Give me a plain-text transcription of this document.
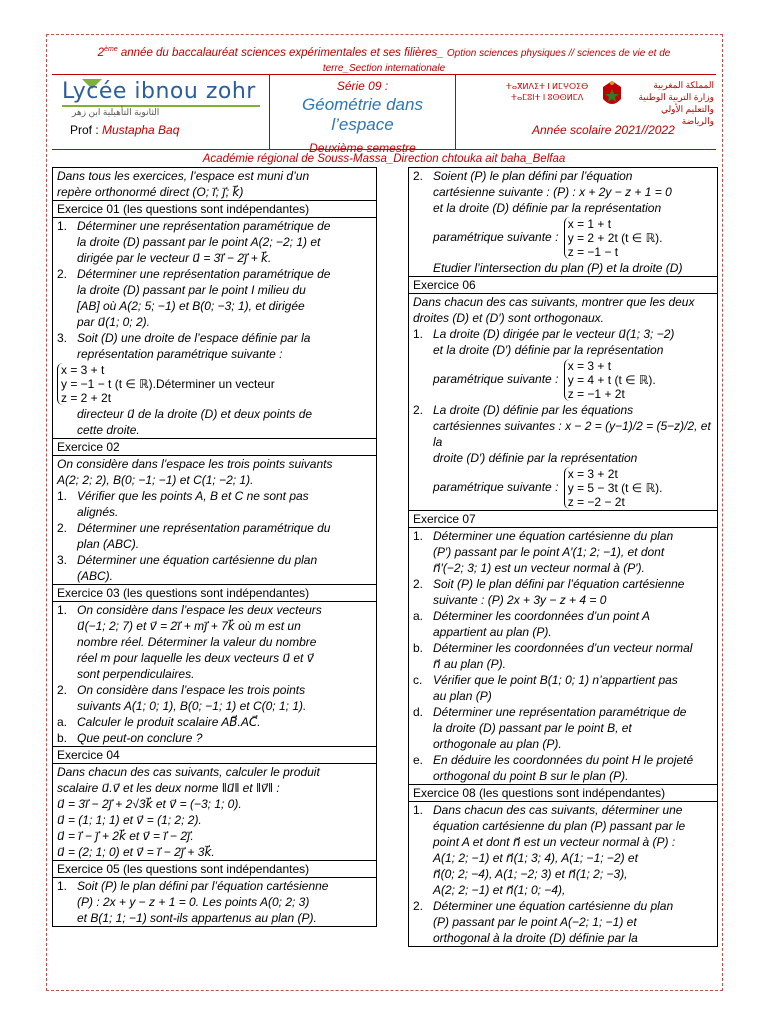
2ème année du baccalauréat sciences expérimentales et ses filières_ Option sciences physiques // sciences de vie et de
terre_Section internationale
Lycée ibnou zohr
الثانوية التأهيلية ابن زهر
Prof : Mustapha Baq
Série 09 :
Géométrie dans l’espace
Deuxième semestre
ⵜⴰⴳⵍⴷⵉⵜ ⵏ ⵍⵎⵖⵔⵉⴱ ⵜⴰⵎⵓⵏⵜ ⵏ ⵓⵙⵙⵍⵎⴷ
المملكة المغربية وزارة التربية الوطنية والتعليم الأولي والرياضة
Année scolaire 2021//2022
Académie régional de Souss-Massa_Direction chtouka ait baha_Belfaa
Dans tous les exercices, l’espace est muni d’un
repère orthonormé direct (O; i⃗; j⃗; k⃗)
Exercice 01 (les questions sont indépendantes)
1. Déterminer une représentation paramétrique de
la droite (D) passant par le point A(2; −2; 1) et
dirigée par le vecteur u⃗ = 3i⃗ − 2j⃗ + k⃗.
2. Déterminer une représentation paramétrique de
la droite (D) passant par le point I milieu du
[AB] où A(2; 5; −1) et B(0; −3; 1), et dirigée
par u⃗(1; 0; 2).
3. Soit (D) une droite de l’espace définie par la
représentation paramétrique suivante :
x = 3 + t
y = −1 − t (t ∈ ℝ).Déterminer un vecteur
z = 2 + 2t
directeur u⃗ de la droite (D) et deux points de
cette droite.
Exercice 02
On considère dans l’espace les trois points suivants
A(2; 2; 2), B(0; −1; −1) et C(1; −2; 1).
1. Vérifier que les points A, B et C ne sont pas
alignés.
2. Déterminer une représentation paramétrique du
plan (ABC).
3. Déterminer une équation cartésienne du plan
(ABC).
Exercice 03 (les questions sont indépendantes)
1. On considère dans l’espace les deux vecteurs
u⃗(−1; 2; 7) et v⃗ = 2i⃗ + mj⃗ + 7k⃗ où m est un
nombre réel. Déterminer la valeur du nombre
réel m pour laquelle les deux vecteurs u⃗ et v⃗
sont perpendiculaires.
2. On considère dans l’espace les trois points
suivants A(1; 0; 1), B(0; −1; 1) et C(0; 1; 1).
a. Calculer le produit scalaire AB⃗.AC⃗.
b. Que peut-on conclure ?
Exercice 04
Dans chacun des cas suivants, calculer le produit
scalaire u⃗.v⃗ et les deux norme ‖u⃗‖ et ‖v⃗‖ :
u⃗ = 3i⃗ − 2j⃗ + 2√3k⃗ et v⃗ = (−3; 1; 0).
u⃗ = (1; 1; 1) et v⃗ = (1; 2; 2).
u⃗ = i⃗ − j⃗ + 2k⃗ et v⃗ = i⃗ − 2j⃗.
u⃗ = (2; 1; 0) et v⃗ = i⃗ − 2j⃗ + 3k⃗.
Exercice 05 (les questions sont indépendantes)
1. Soit (P) le plan défini par l’équation cartésienne
(P) : 2x + y − z + 1 = 0. Les points A(0; 2; 3)
et B(1; 1; −1) sont-ils appartenus au plan (P).
2. Soient (P) le plan défini par l’équation
cartésienne suivante : (P) : x + 2y − z + 1 = 0
et la droite (D) définie par la représentation
paramétrique suivante :
x = 1 + t
y = 2 + 2t (t ∈ ℝ).
z = −1 − t
Etudier l’intersection du plan (P) et la droite (D)
Exercice 06
Dans chacun des cas suivants, montrer que les deux
droites (D) et (D′) sont orthogonaux.
1. La droite (D) dirigée par le vecteur u⃗(1; 3; −2)
et la droite (D′) définie par la représentation
paramétrique suivante :
x = 3 + t
y = 4 + t (t ∈ ℝ).
z = −1 + 2t
2. La droite (D) définie par les équations
cartésiennes suivantes : x − 2 = (y−1)/2 = (5−z)/2, et la
droite (D′) définie par la représentation
paramétrique suivante :
x = 3 + 2t
y = 5 − 3t (t ∈ ℝ).
z = −2 − 2t
Exercice 07
1. Déterminer une équation cartésienne du plan
(P′) passant par le point A′(1; 2; −1), et dont
n⃗′(−2; 3; 1) est un vecteur normal à (P′).
2. Soit (P) le plan défini par l’équation cartésienne
suivante : (P) 2x + 3y − z + 4 = 0
a. Déterminer les coordonnées d’un point A
appartient au plan (P).
b. Déterminer les coordonnées d’un vecteur normal
n⃗ au plan (P).
c. Vérifier que le point B(1; 0; 1) n’appartient pas
au plan (P)
d. Déterminer une représentation paramétrique de
la droite (D) passant par le point B, et
orthogonale au plan (P).
e. En déduire les coordonnées du point H le projeté
orthogonal du point B sur le plan (P).
Exercice 08 (les questions sont indépendantes)
1. Dans chacun des cas suivants, déterminer une
équation cartésienne du plan (P) passant par le
point A et dont n⃗ est un vecteur normal à (P) :
A(1; 2; −1) et n⃗(1; 3; 4), A(1; −1; −2) et
n⃗(0; 2; −4), A(1; −2; 3) et n⃗(1; 2; −3),
A(2; 2; −1) et n⃗(1; 0; −4),
2. Déterminer une équation cartésienne du plan
(P) passant par le point A(−2; 1; −1) et
orthogonal à la droite (D) définie par la
